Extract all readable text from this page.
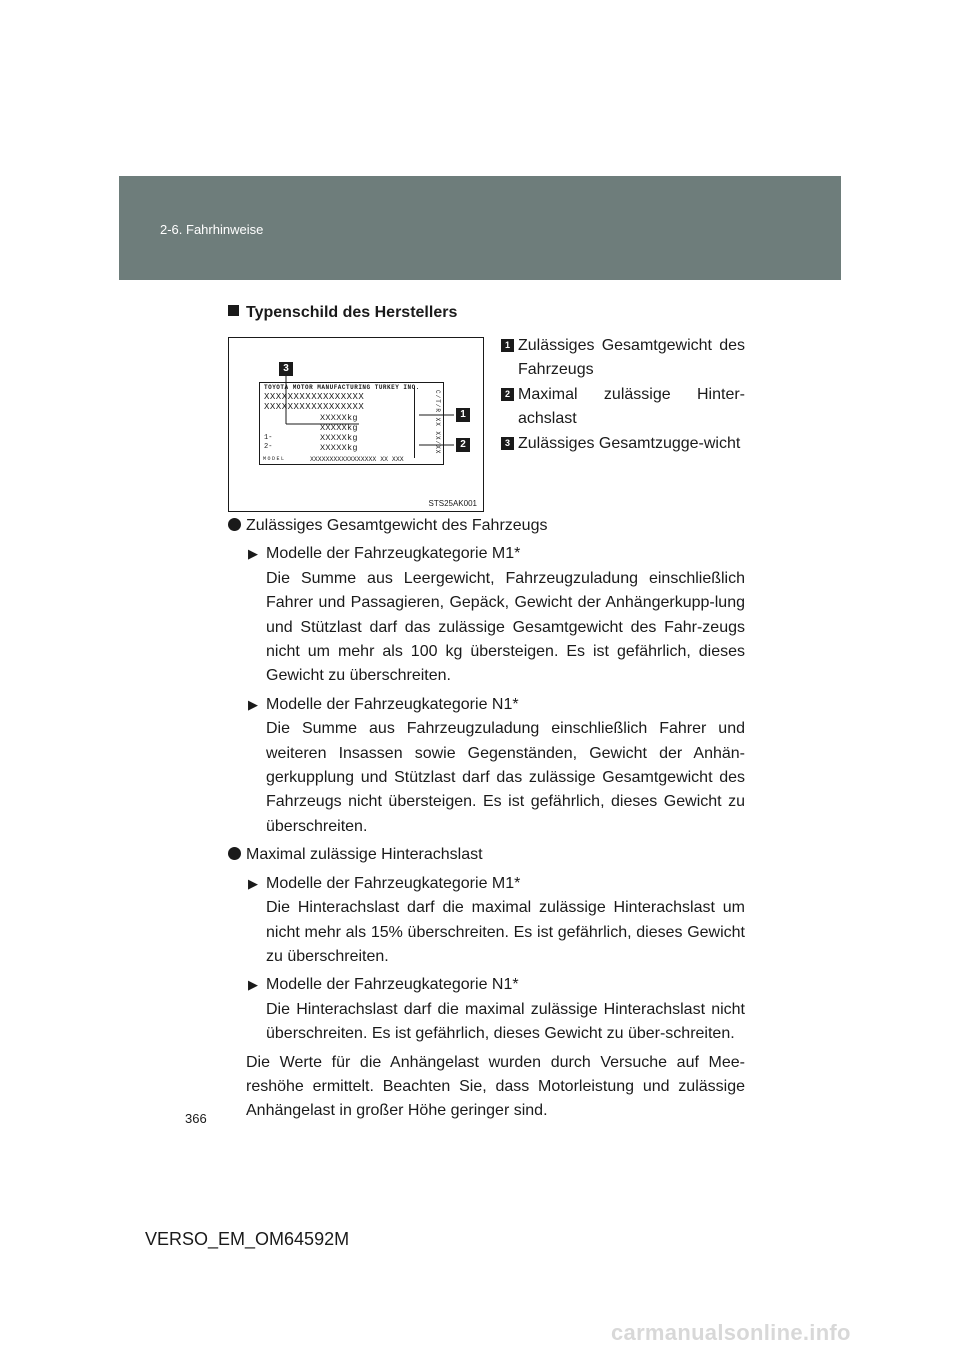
2-6. Fahrhinweise
Typenschild des Herstellers
3
TOYOTA MOTOR MANUFACTURING TURKEY INC.
XXXXXXXXXXXXXXXXX
XXXXXXXXXXXXXXXXX
XXXXXkg
XXXXXkg
XXXXXkg
XXXXXkg
1-
2-
MODEL	XXXXXXXXXXXXXXXXX XX XXX
C/T/R XX XX/XX	1
2
STS25AK001
1 Zulässiges Gesamtgewicht des Fahrzeugs
2 Maximal zulässige Hinter-achslast
3 Zulässiges Gesamtzugge-wicht
Zulässiges Gesamtgewicht des Fahrzeugs
▶ Modelle der Fahrzeugkategorie M1*
Die Summe aus Leergewicht, Fahrzeugzuladung einschließlich Fahrer und Passagieren, Gepäck, Gewicht der Anhängerkupp-lung und Stützlast darf das zulässige Gesamtgewicht des Fahr-zeugs nicht um mehr als 100 kg übersteigen. Es ist gefährlich, dieses Gewicht zu überschreiten.
▶ Modelle der Fahrzeugkategorie N1*
Die Summe aus Fahrzeugzuladung einschließlich Fahrer und weiteren Insassen sowie Gegenständen, Gewicht der Anhän-gerkupplung und Stützlast darf das zulässige Gesamtgewicht des Fahrzeugs nicht übersteigen. Es ist gefährlich, dieses Gewicht zu überschreiten.
Maximal zulässige Hinterachslast
▶ Modelle der Fahrzeugkategorie M1*
Die Hinterachslast darf die maximal zulässige Hinterachslast um nicht mehr als 15% überschreiten. Es ist gefährlich, dieses Gewicht zu überschreiten.
▶ Modelle der Fahrzeugkategorie N1*
Die Hinterachslast darf die maximal zulässige Hinterachslast nicht überschreiten. Es ist gefährlich, dieses Gewicht zu über-schreiten.
Die Werte für die Anhängelast wurden durch Versuche auf Mee-reshöhe ermittelt. Beachten Sie, dass Motorleistung und zulässige Anhängelast in großer Höhe geringer sind.
366
VERSO_EM_OM64592M
carmanualsonline.info
